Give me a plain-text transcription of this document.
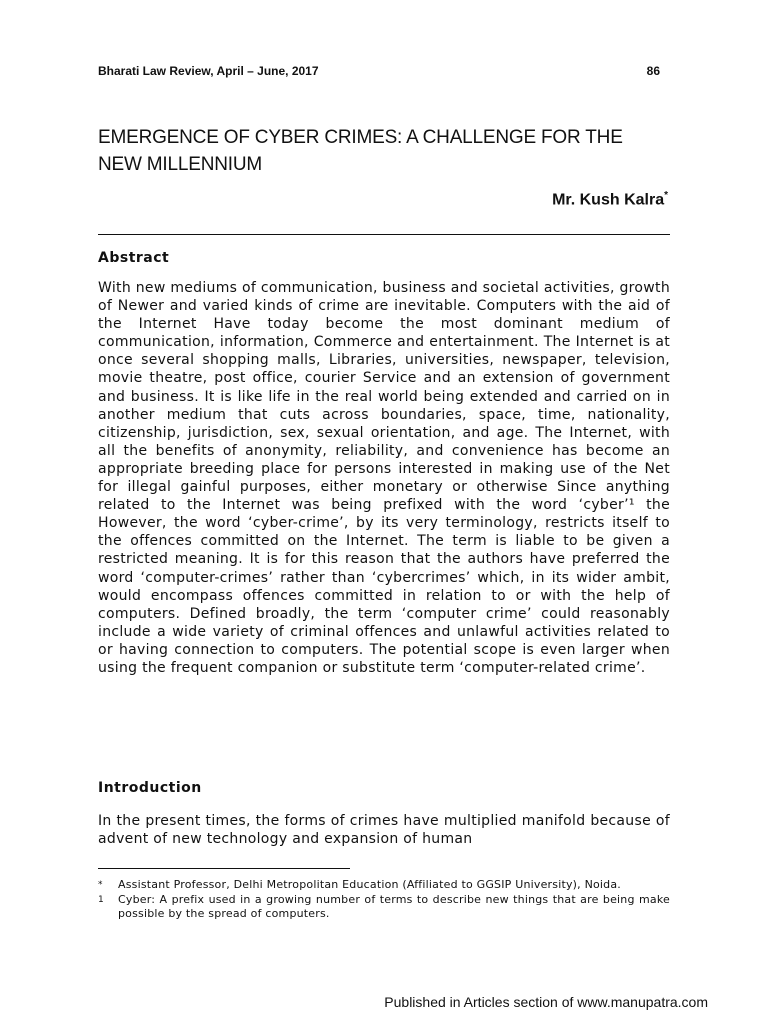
Bharati Law Review, April – June, 2017	86
EMERGENCE OF CYBER CRIMES: A CHALLENGE FOR THE NEW MILLENNIUM
Mr. Kush Kalra*
Abstract

With new mediums of communication, business and societal activities, growth of Newer and varied kinds of crime are inevitable. Computers with the aid of the Internet Have today become the most dominant medium of communication, information, Commerce and entertainment. The Internet is at once several shopping malls, Libraries, universities, newspaper, television, movie theatre, post office, courier Service and an extension of government and business. It is like life in the real world being extended and carried on in another medium that cuts across boundaries, space, time, nationality, citizenship, jurisdiction, sex, sexual orientation, and age. The Internet, with all the benefits of anonymity, reliability, and convenience has become an appropriate breeding place for persons interested in making use of the Net for illegal gainful purposes, either monetary or otherwise Since anything related to the Internet was being prefixed with the word ‘cyber’¹ the However, the word ‘cyber-crime’, by its very terminology, restricts itself to the offences committed on the Internet. The term is liable to be given a restricted meaning. It is for this reason that the authors have preferred the word ‘computer-crimes’ rather than ‘cybercrimes’ which, in its wider ambit, would encompass offences committed in relation to or with the help of computers. Defined broadly, the term ‘computer crime’ could reasonably include a wide variety of criminal offences and unlawful activities related to or having connection to computers. The potential scope is even larger when using the frequent companion or substitute term ‘computer-related crime’.

Introduction

In the present times, the forms of crimes have multiplied manifold because of advent of new technology and expansion of human

*	Assistant Professor, Delhi Metropolitan Education (Affiliated to GGSIP University), Noida.
1	Cyber: A prefix used in a growing number of terms to describe new things that are being make possible by the spread of computers.
Published in Articles section of www.manupatra.com
